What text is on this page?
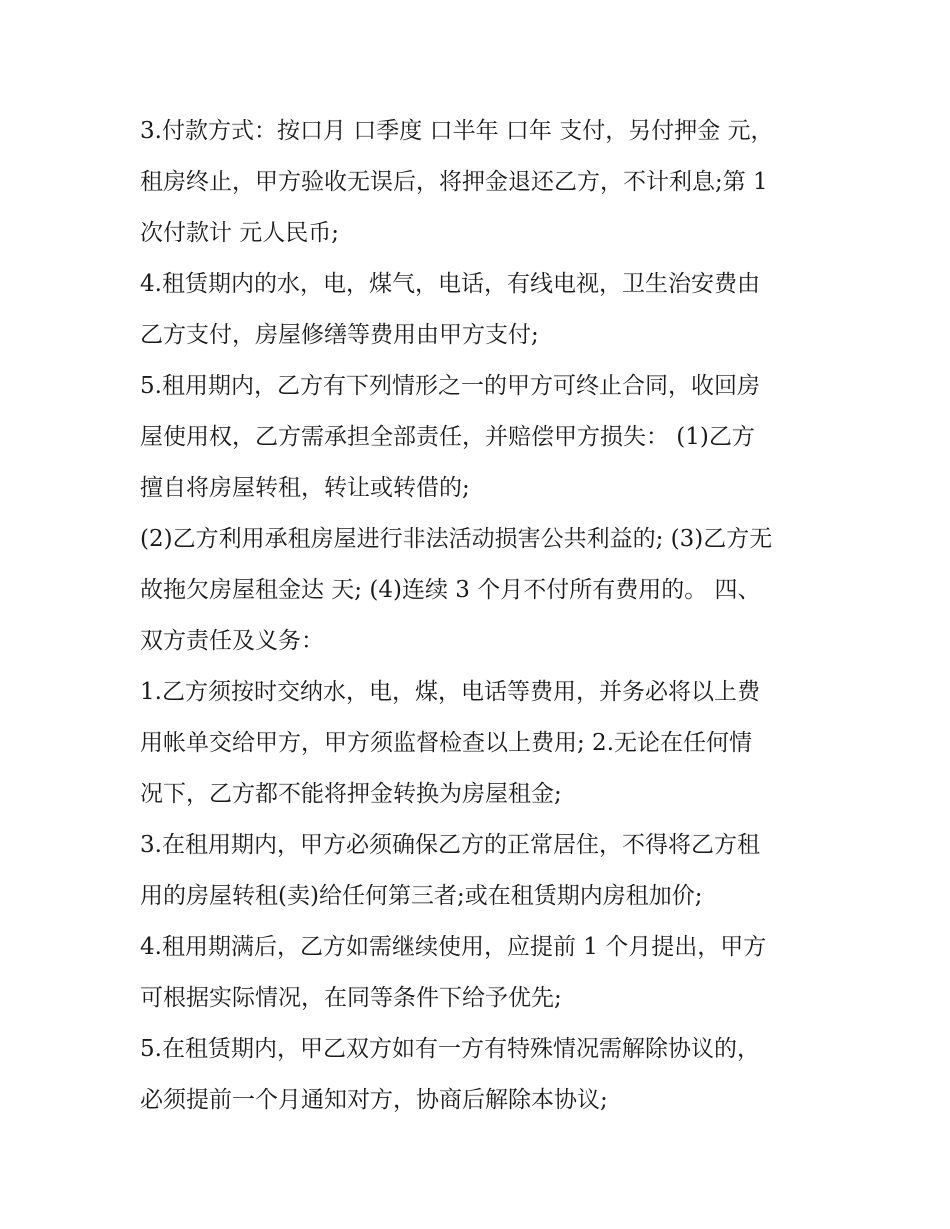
3.付款方式：按口月 口季度 口半年 口年 支付，另付押金 元，

租房终止，甲方验收无误后，将押金退还乙方，不计利息;第 1

次付款计 元人民币;

4.租赁期内的水，电，煤气，电话，有线电视，卫生治安费由

乙方支付，房屋修缮等费用由甲方支付;

5.租用期内，乙方有下列情形之一的甲方可终止合同，收回房

屋使用权，乙方需承担全部责任，并赔偿甲方损失： (1)乙方

擅自将房屋转租，转让或转借的;

(2)乙方利用承租房屋进行非法活动损害公共利益的; (3)乙方无

故拖欠房屋租金达 天; (4)连续 3 个月不付所有费用的。 四、

双方责任及义务：

1.乙方须按时交纳水，电，煤，电话等费用，并务必将以上费

用帐单交给甲方，甲方须监督检查以上费用; 2.无论在任何情

况下，乙方都不能将押金转换为房屋租金;

3.在租用期内，甲方必须确保乙方的正常居住，不得将乙方租

用的房屋转租(卖)给任何第三者;或在租赁期内房租加价;

4.租用期满后，乙方如需继续使用，应提前 1 个月提出，甲方

可根据实际情况，在同等条件下给予优先;

5.在租赁期内，甲乙双方如有一方有特殊情况需解除协议的，

必须提前一个月通知对方，协商后解除本协议;
